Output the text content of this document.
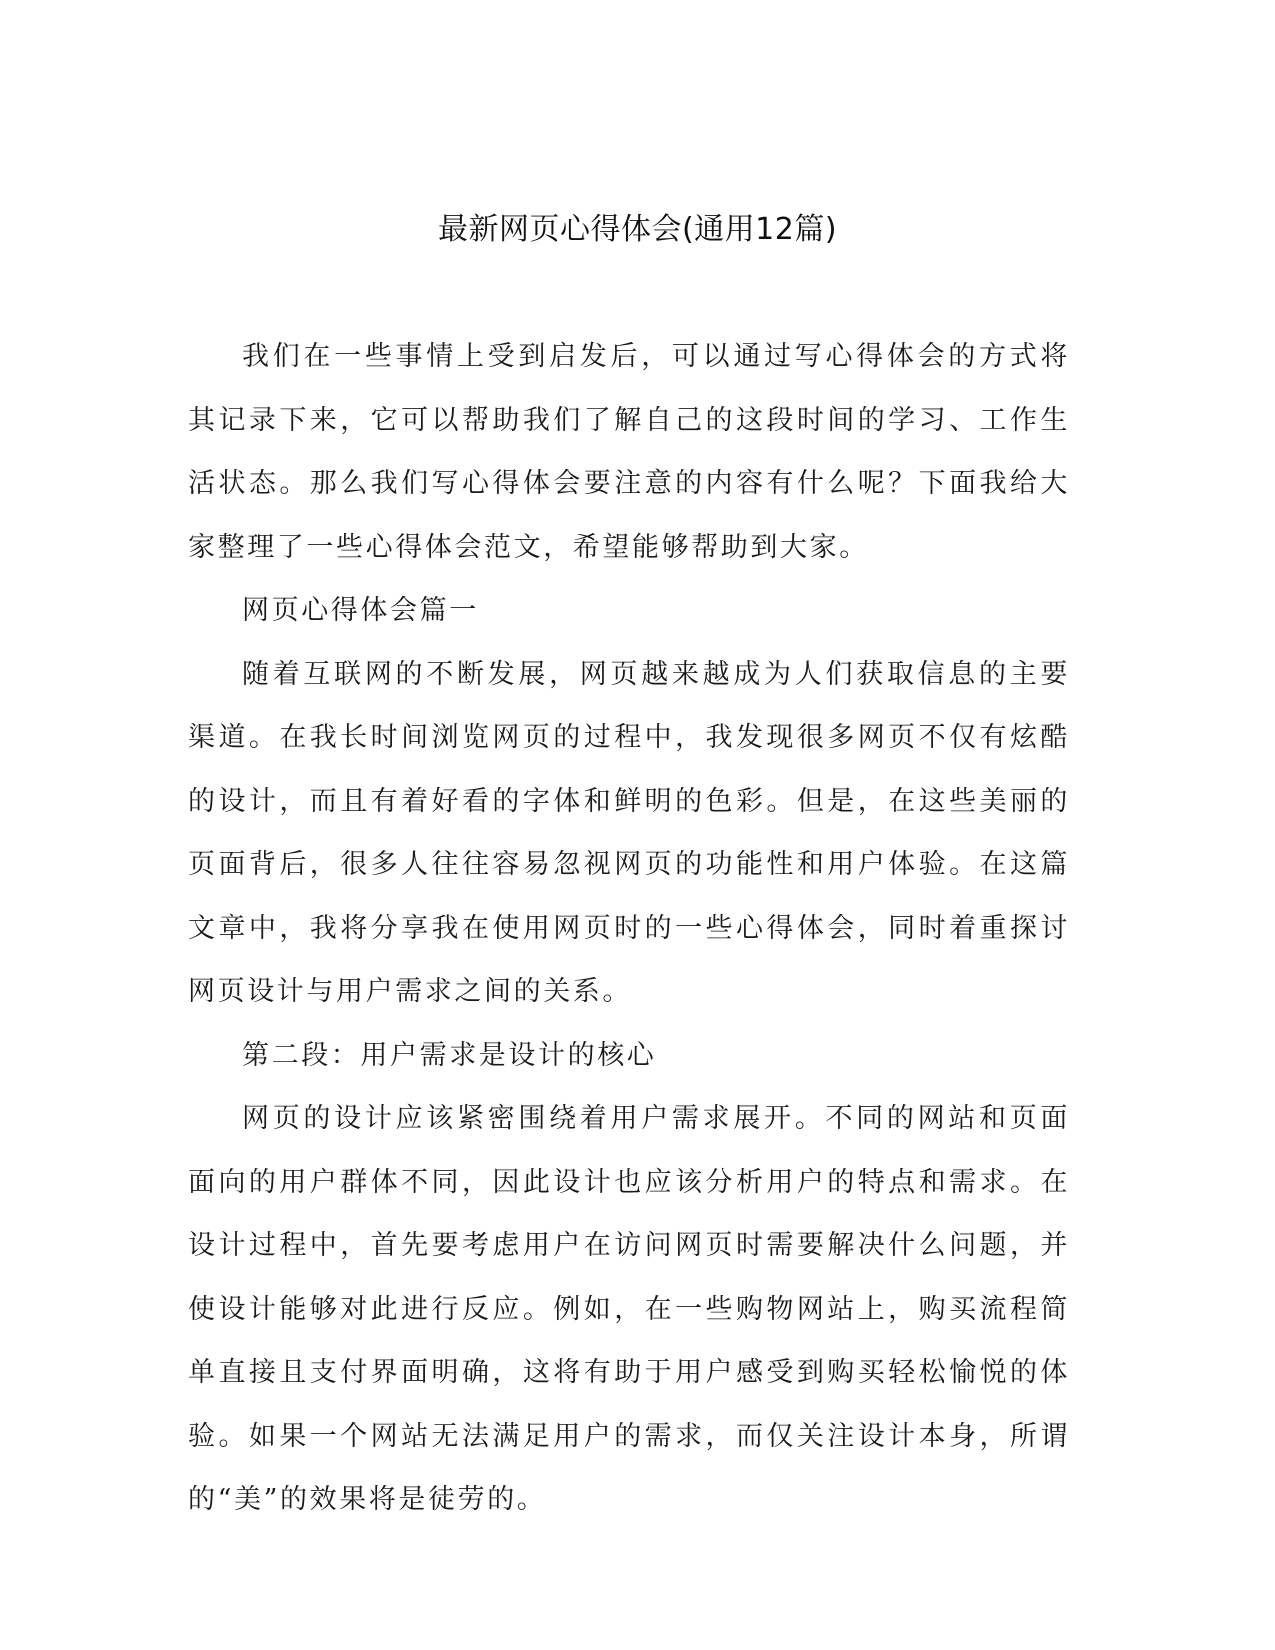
最新网页心得体会(通用12篇)

我们在一些事情上受到启发后，可以通过写心得体会的方式将其记录下来，它可以帮助我们了解自己的这段时间的学习、工作生活状态。那么我们写心得体会要注意的内容有什么呢？下面我给大家整理了一些心得体会范文，希望能够帮助到大家。

网页心得体会篇一

随着互联网的不断发展，网页越来越成为人们获取信息的主要渠道。在我长时间浏览网页的过程中，我发现很多网页不仅有炫酷的设计，而且有着好看的字体和鲜明的色彩。但是，在这些美丽的页面背后，很多人往往容易忽视网页的功能性和用户体验。在这篇文章中，我将分享我在使用网页时的一些心得体会，同时着重探讨网页设计与用户需求之间的关系。

第二段：用户需求是设计的核心

网页的设计应该紧密围绕着用户需求展开。不同的网站和页面面向的用户群体不同，因此设计也应该分析用户的特点和需求。在设计过程中，首先要考虑用户在访问网页时需要解决什么问题，并使设计能够对此进行反应。例如，在一些购物网站上，购买流程简单直接且支付界面明确，这将有助于用户感受到购买轻松愉悦的体验。如果一个网站无法满足用户的需求，而仅关注设计本身，所谓的“美”的效果将是徒劳的。
